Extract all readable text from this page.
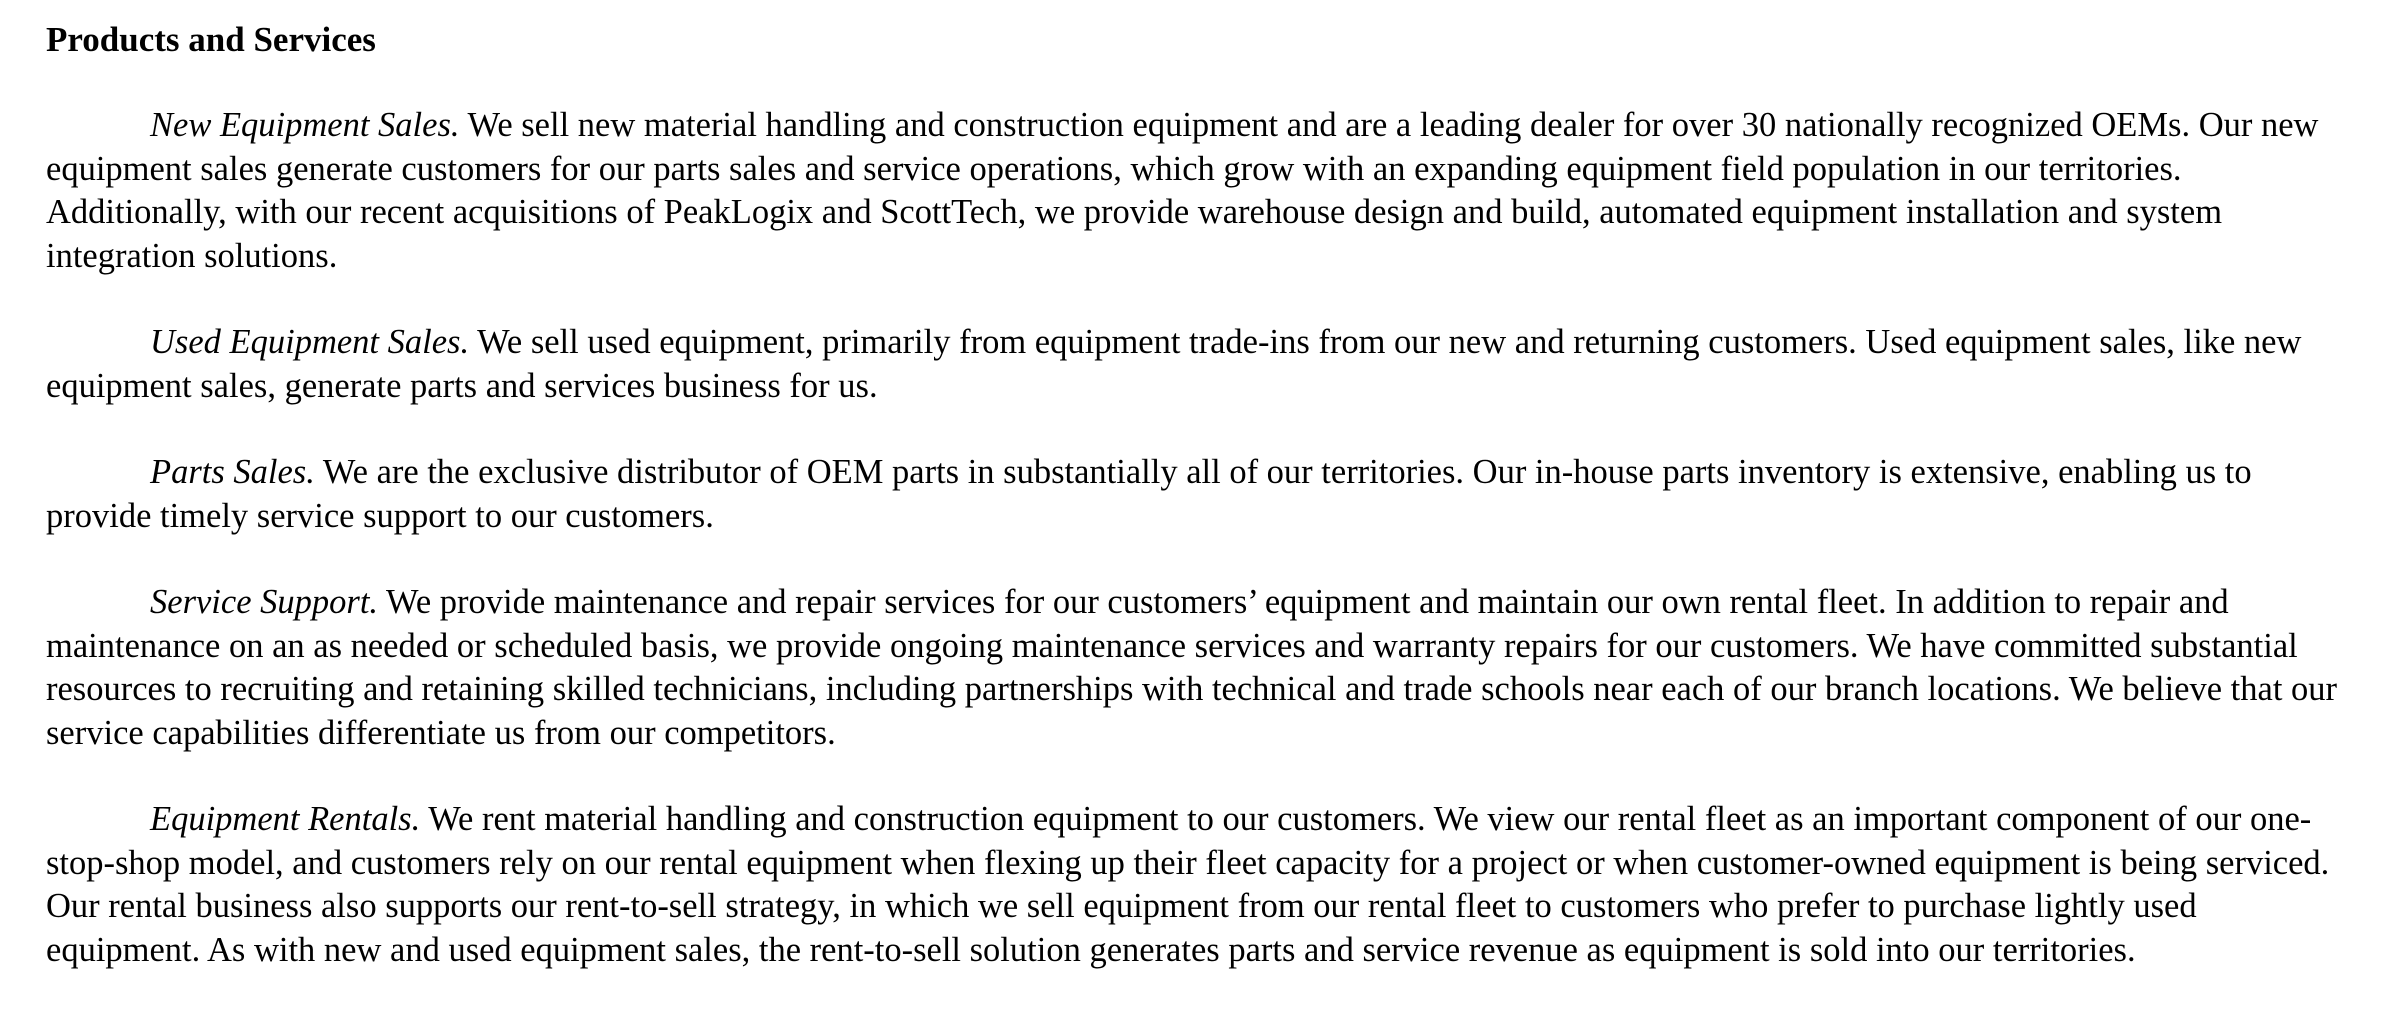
Products and Services

New Equipment Sales. We sell new material handling and construction equipment and are a leading dealer for over 30 nationally recognized OEMs. Our new equipment sales generate customers for our parts sales and service operations, which grow with an expanding equipment field population in our territories. Additionally, with our recent acquisitions of PeakLogix and ScottTech, we provide warehouse design and build, automated equipment installation and system integration solutions.

Used Equipment Sales. We sell used equipment, primarily from equipment trade-ins from our new and returning customers. Used equipment sales, like new equipment sales, generate parts and services business for us.

Parts Sales. We are the exclusive distributor of OEM parts in substantially all of our territories. Our in-house parts inventory is extensive, enabling us to provide timely service support to our customers.

Service Support. We provide maintenance and repair services for our customers’ equipment and maintain our own rental fleet. In addition to repair and maintenance on an as needed or scheduled basis, we provide ongoing maintenance services and warranty repairs for our customers. We have committed substantial resources to recruiting and retaining skilled technicians, including partnerships with technical and trade schools near each of our branch locations. We believe that our service capabilities differentiate us from our competitors.

Equipment Rentals. We rent material handling and construction equipment to our customers. We view our rental fleet as an important component of our one-stop-shop model, and customers rely on our rental equipment when flexing up their fleet capacity for a project or when customer-owned equipment is being serviced. Our rental business also supports our rent-to-sell strategy, in which we sell equipment from our rental fleet to customers who prefer to purchase lightly used equipment. As with new and used equipment sales, the rent-to-sell solution generates parts and service revenue as equipment is sold into our territories.
